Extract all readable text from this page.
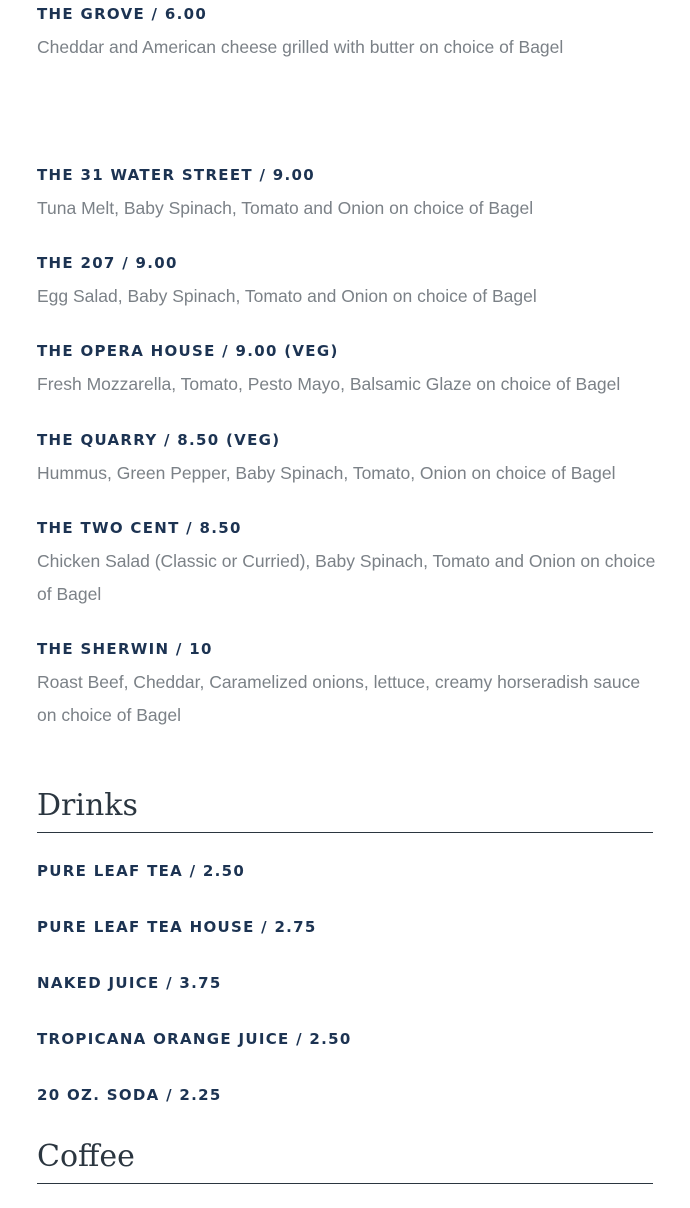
THE GROVE / 6.00

Cheddar and American cheese grilled with butter on choice of Bagel

THE 31 WATER STREET / 9.00

Tuna Melt, Baby Spinach, Tomato and Onion on choice of Bagel

THE 207 / 9.00

Egg Salad, Baby Spinach, Tomato and Onion on choice of Bagel

THE OPERA HOUSE / 9.00 (VEG)

Fresh Mozzarella, Tomato, Pesto Mayo, Balsamic Glaze on choice of Bagel

THE QUARRY / 8.50 (VEG)

Hummus, Green Pepper, Baby Spinach, Tomato, Onion on choice of Bagel

THE TWO CENT / 8.50

Chicken Salad (Classic or Curried), Baby Spinach, Tomato and Onion on choice of Bagel

THE SHERWIN / 10

Roast Beef, Cheddar, Caramelized onions, lettuce, creamy horseradish sauce on choice of Bagel

Drinks
PURE LEAF TEA / 2.50
PURE LEAF TEA HOUSE / 2.75
NAKED JUICE / 3.75
TROPICANA ORANGE JUICE / 2.50
20 OZ. SODA / 2.25
Coffee
